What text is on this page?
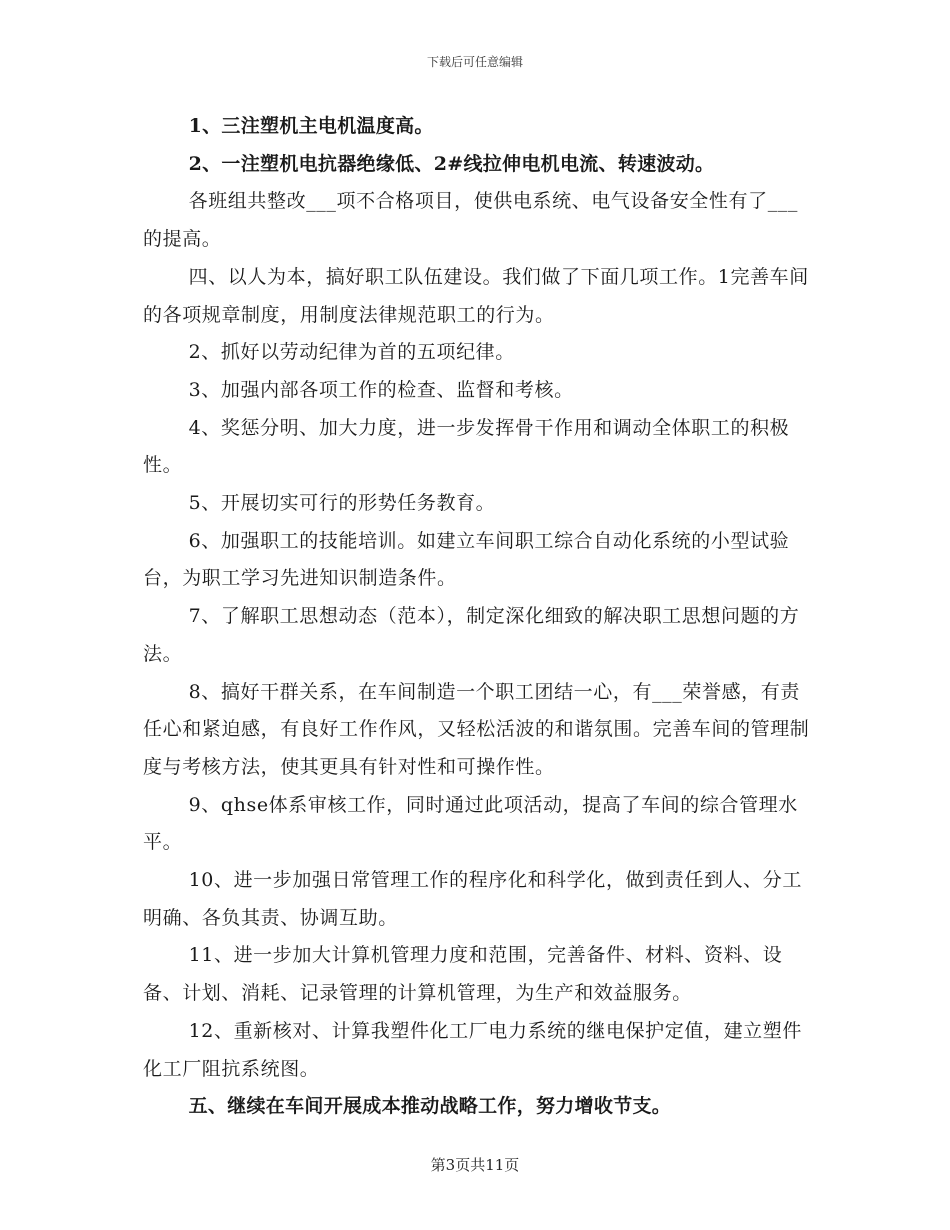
下载后可任意编辑

1、三注塑机主电机温度高。

2、一注塑机电抗器绝缘低、2#线拉伸电机电流、转速波动。

各班组共整改___项不合格项目，使供电系统、电气设备安全性有了___的提高。

四、以人为本，搞好职工队伍建设。我们做了下面几项工作。1完善车间的各项规章制度，用制度法律规范职工的行为。

2、抓好以劳动纪律为首的五项纪律。

3、加强内部各项工作的检查、监督和考核。

4、奖惩分明、加大力度，进一步发挥骨干作用和调动全体职工的积极性。

5、开展切实可行的形势任务教育。

6、加强职工的技能培训。如建立车间职工综合自动化系统的小型试验台，为职工学习先进知识制造条件。

7、了解职工思想动态（范本），制定深化细致的解决职工思想问题的方法。

8、搞好干群关系，在车间制造一个职工团结一心，有___荣誉感，有责任心和紧迫感，有良好工作作风，又轻松活波的和谐氛围。完善车间的管理制度与考核方法，使其更具有针对性和可操作性。

9、qhse体系审核工作，同时通过此项活动，提高了车间的综合管理水平。

10、进一步加强日常管理工作的程序化和科学化，做到责任到人、分工明确、各负其责、协调互助。

11、进一步加大计算机管理力度和范围，完善备件、材料、资料、设备、计划、消耗、记录管理的计算机管理，为生产和效益服务。

12、重新核对、计算我塑件化工厂电力系统的继电保护定值，建立塑件化工厂阻抗系统图。

五、继续在车间开展成本推动战略工作，努力增收节支。

第3页共11页
